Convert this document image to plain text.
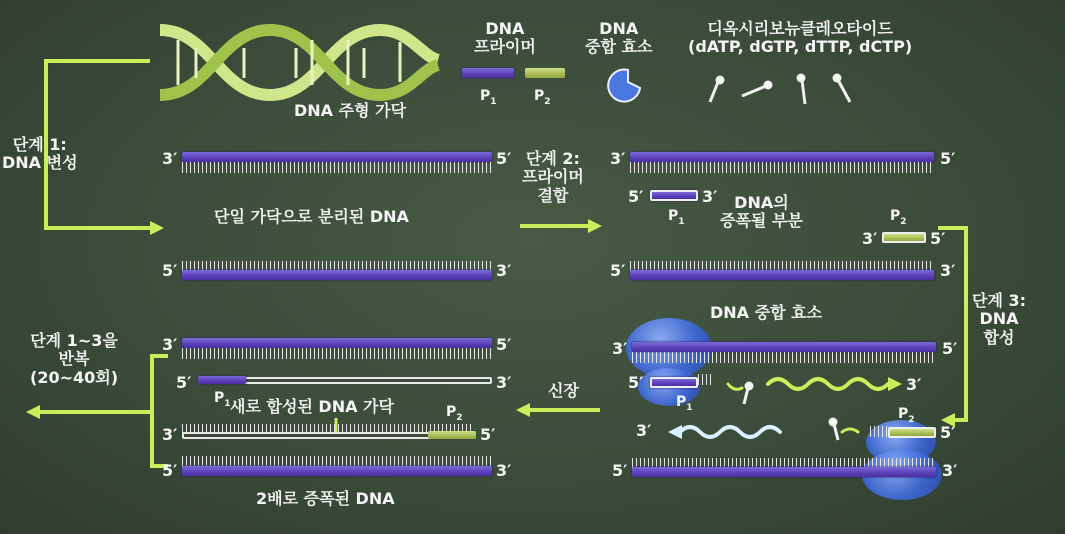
DNA 주형 가닥
DNA
프라이머
$P_1$	$P_2$
DNA
중합 효소
디옥시리보뉴클레오타이드
(dATP, dGTP, dTTP, dCTP)
단계 1:
DNA 변성	3′	5′
단일 가닥으로 분리된 DNA
5′	3′
단계 2:
프라이머
결합
3′	5′
5′	3′
$P_1$
DNA의
증폭될 부분	$P_2$
3′	5′
5′	3′
단계 3:
DNA
합성
DNA 중합 효소
3′	5′
5′
$P_1$
3′
3′
$P_2$
5′
5′	3′
신장
단계 1~3을
반복
(20~40회)
3′	5′
5′	3′
$P_1$ 새로 합성된 DNA 가닥	$P_2$
3′	5′
5′	3′
2배로 증폭된 DNA
